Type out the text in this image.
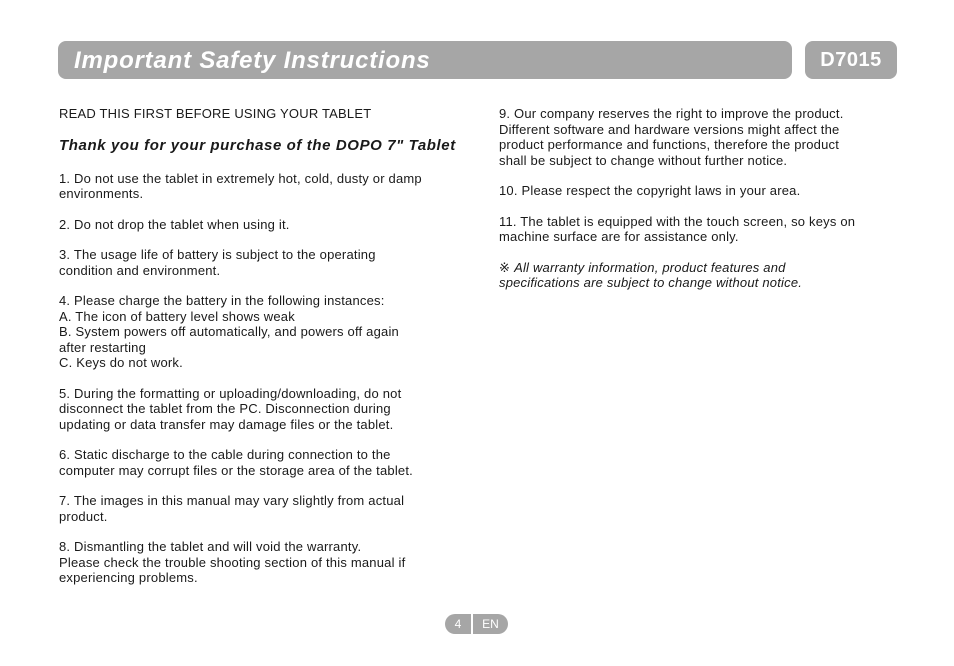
Important Safety Instructions	D7015

READ THIS FIRST BEFORE USING YOUR TABLET

Thank you for your purchase of the DOPO 7" Tablet

1. Do not use the tablet in extremely hot, cold, dusty or damp
environments.

2. Do not drop the tablet when using it.

3. The usage life of battery is subject to the operating
condition and environment.

4. Please charge the battery in the following instances:
A. The icon of battery level shows weak
B. System powers off automatically, and powers off again
after restarting
C. Keys do not work.

5. During the formatting or uploading/downloading, do not
disconnect the tablet from the PC. Disconnection during
updating or data transfer may damage files or the tablet.

6. Static discharge to the cable during connection to the
computer may corrupt files or the storage area of the tablet.

7. The images in this manual may vary slightly from actual
product.

8. Dismantling the tablet and will void the warranty.
Please check the trouble shooting section of this manual if
experiencing problems.

9. Our company reserves the right to improve the product.
Different software and hardware versions might affect the
product performance and functions, therefore the product
shall be subject to change without further notice.

10. Please respect the copyright laws in your area.

11. The tablet is equipped with the touch screen, so keys on
machine surface are for assistance only.

※ All warranty information, product features and
specifications are subject to change without notice.

4	EN
